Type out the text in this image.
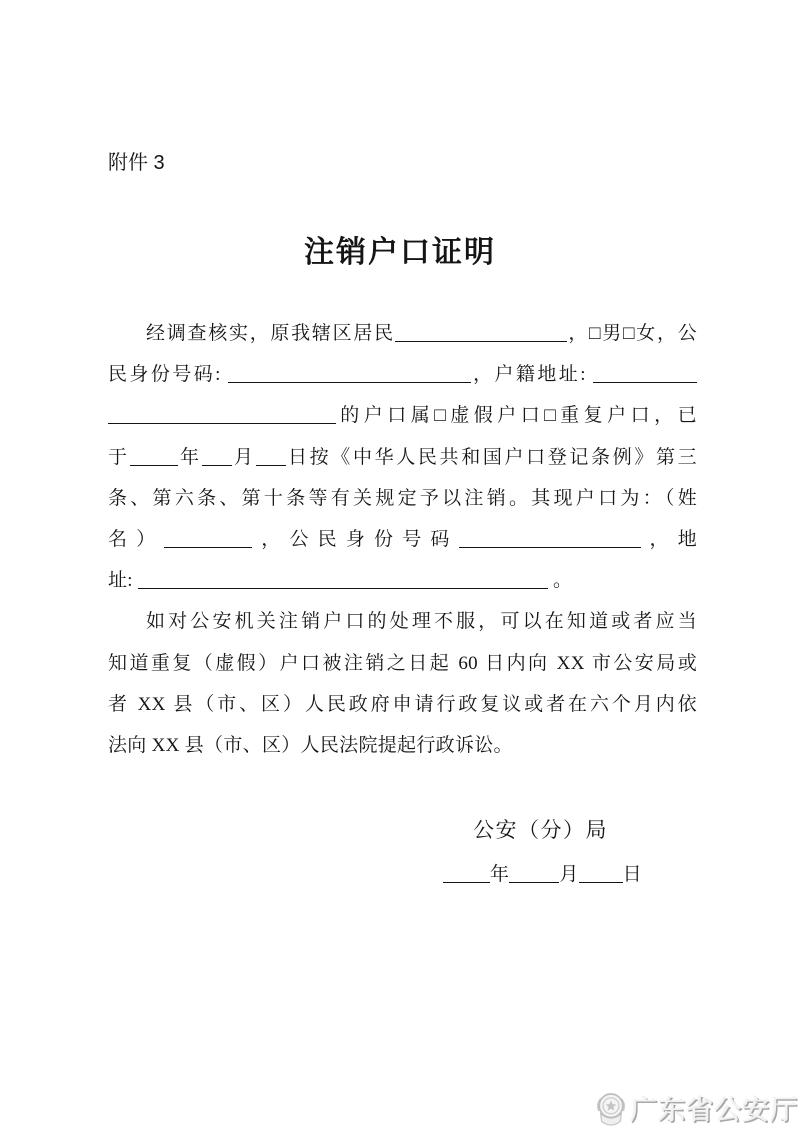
附件 3
注销户口证明
经调查核实，原我辖区居民	，□男□女，公
民身份号码:	，户籍地址:
的户口属□虚假户口□重复户口，已
于	年 月 日按《中华人民共和国户口登记条例》第三
条、第六条、第十条等有关规定予以注销。其现户口为：（姓
名）	，公民身份号码	，地
址:	。
如对公安机关注销户口的处理不服，可以在知道或者应当
知道重复（虚假）户口被注销之日起 60 日内向 XX 市公安局或
者 XX 县（市、区）人民政府申请行政复议或者在六个月内依
法向 XX 县（市、区）人民法院提起行政诉讼。
公安（分）局
年	月 日
广东省公安厅
